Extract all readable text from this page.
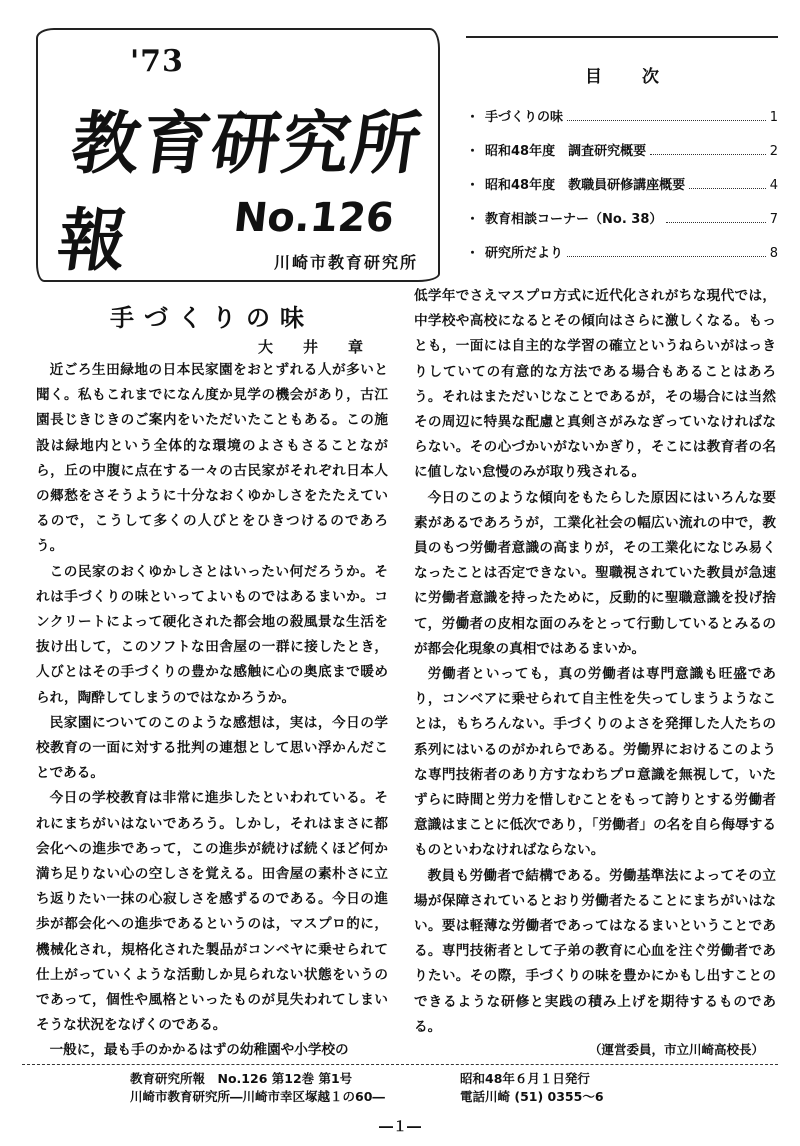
'73
教育研究所報	No.126
川崎市教育研究所
目次
・ 手づくりの味	1
・ 昭和48年度　調査研究概要	2
・ 昭和48年度　教職員研修講座概要	4
・ 教育相談コーナー（No. 38）	7
・ 研究所だより	8
手づくりの味
大井章

近ごろ生田緑地の日本民家園をおとずれる人が多いと聞く。私もこれまでになん度か見学の機会があり，古江園長じきじきのご案内をいただいたこともある。この施設は緑地内という全体的な環境のよさもさることながら，丘の中腹に点在する一々の古民家がそれぞれ日本人の郷愁をさそうように十分なおくゆかしさをたたえているので，こうして多くの人びとをひきつけるのであろう。

この民家のおくゆかしさとはいったい何だろうか。それは手づくりの味といってよいものではあるまいか。コンクリートによって硬化された都会地の殺風景な生活を抜け出して，このソフトな田舎屋の一群に接したとき，人びとはその手づくりの豊かな感触に心の奥底まで暖められ，陶酔してしまうのではなかろうか。

民家園についてのこのような感想は，実は，今日の学校教育の一面に対する批判の連想として思い浮かんだことである。

今日の学校教育は非常に進歩したといわれている。それにまちがいはないであろう。しかし，それはまさに都会化への進歩であって，この進歩が続けば続くほど何か満ち足りない心の空しさを覚える。田舎屋の素朴さに立ち返りたい一抹の心寂しさを感ずるのである。今日の進歩が都会化への進歩であるというのは，マスプロ的に，機械化され，規格化された製品がコンベヤに乗せられて仕上がっていくような活動しか見られない状態をいうのであって，個性や風格といったものが見失われてしまいそうな状況をなげくのである。

一般に，最も手のかかるはずの幼稚園や小学校の

低学年でさえマスプロ方式に近代化されがちな現代では，中学校や高校になるとその傾向はさらに激しくなる。もっとも，一面には自主的な学習の確立というねらいがはっきりしていての有意的な方法である場合もあることはあろう。それはまただいじなことであるが，その場合には当然その周辺に特異な配慮と真剣さがみなぎっていなければならない。その心づかいがないかぎり，そこには教育者の名に値しない怠慢のみが取り残される。

今日のこのような傾向をもたらした原因にはいろんな要素があるであろうが，工業化社会の幅広い流れの中で，教員のもつ労働者意識の高まりが，その工業化になじみ易くなったことは否定できない。聖職視されていた教員が急速に労働者意識を持ったために，反動的に聖職意識を投げ捨て，労働者の皮相な面のみをとって行動しているとみるのが都会化現象の真相ではあるまいか。

労働者といっても，真の労働者は専門意識も旺盛であり，コンベアに乗せられて自主性を失ってしまうようなことは，もちろんない。手づくりのよさを発揮した人たちの系列にはいるのがかれらである。労働界におけるこのような専門技術者のあり方すなわちプロ意識を無視して，いたずらに時間と労力を惜しむことをもって誇りとする労働者意識はまことに低次であり，「労働者」の名を自ら侮辱するものといわなければならない。

教員も労働者で結構である。労働基準法によってその立場が保障されているとおり労働者たることにまちがいはない。要は軽薄な労働者であってはなるまいということである。専門技術者として子弟の教育に心血を注ぐ労働者でありたい。その際，手づくりの味を豊かにかもし出すことのできるような研修と実践の積み上げを期待するものである。

（運営委員，市立川崎高校長）
教育研究所報　No.126 第12巻 第1号	昭和48年６月１日発行
川崎市教育研究所―川崎市幸区塚越１の60―	電話川崎 (51) 0355～6
―１―
